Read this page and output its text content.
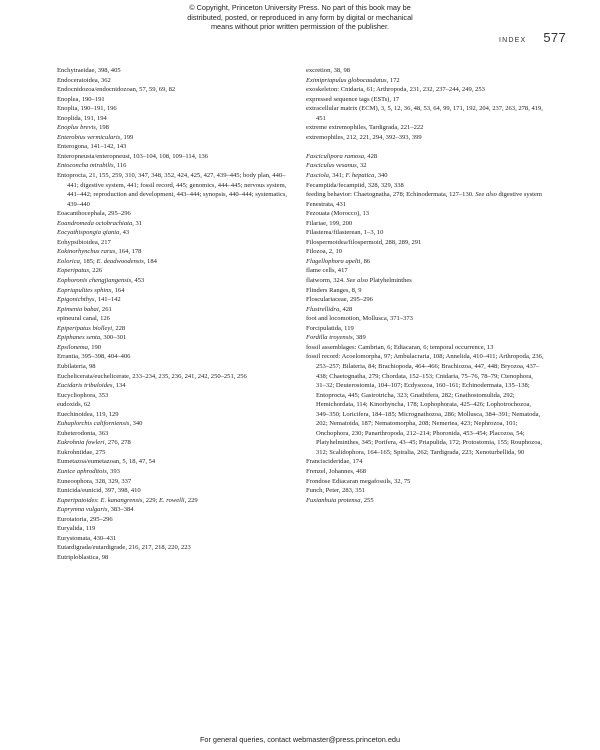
© Copyright, Princeton University Press. No part of this book may be
distributed, posted, or reproduced in any form by digital or mechanical
means without prior written permission of the publisher.
INDEX 577
Enchytraeidae, 398, 405
Endoceratoidea, 362
Endocnidozoa/endocnidozoan, 57, 59, 69, 82
Enoplea, 190–191
Enoplia, 190–191, 196
Enoplida, 191, 194
Enoplus brevis, 198
Enterobius vermicularis, 199
Enterogona, 141–142, 143
Enteropneusta/enteropneust, 103–104, 108, 109–114, 136
Entoconcha mirabilis, 116
Entoprocta, 21, 155, 259, 310, 347, 348, 352, 424, 425, 427, 439–445; body plan, 440–441; digestive system, 441; fossil record, 445; genomics, 444–445; nervous system, 441–442; reproduction and development, 443–444; synopsis, 440–444; systematics, 439–440
Eoacanthocephala, 295–296
Eoandromeda octobrachiata, 31
Eocyathispongia qiania, 43
Eohypsibioidea, 217
Eokinorhynchus rarus, 164, 178
Eolorica, 185; E. deadwoodensis, 184
Eoperipatus, 226
Eophoronis chengjiangensis, 453
Eopriapulites sphinx, 164
Epigonichthys, 141–142
Epimenia babai, 261
epineural canal, 126
Epiperipatus biolleyi, 228
Epiphanes senta, 300–301
Epsilonema, 190
Errantia, 395–398, 404–406
Eubilateria, 98
Euchelicerata/euchelicerate, 233–234, 235, 236, 241, 242, 250–251, 256
Eucidaris tribuloides, 134
Eucycliophora, 353
eudoxids, 62
Euechinoidea, 119, 129
Euhaplorchis californiensis, 340
Euheterodonta, 363
Eukrohnia fowleri, 276, 278
Eukrohniidae, 275
Eumetazoa/eumetazoan, 5, 18, 47, 54
Eunice aphroditois, 393
Euneoophora, 328, 329, 337
Eunicida/eunicid, 397, 398, 410
Euperipatoides: E. kanangrensis, 229; E. rowelli, 229
Euprymna vulgaris, 383–384
Eurotatoria, 295–296
Euryalida, 119
Eurystomata, 430–431
Eutardigrada/eutardigrade, 216, 217, 218, 220, 223
Eutriploblastica, 98
excretion, 38, 98
Eximipriapulus globocaudatus, 172
exoskeleton: Cnidaria, 61; Arthropoda, 231, 232, 237–244, 249, 253
expressed sequence tags (ESTs), 17
extracellular matrix (ECM), 3, 5, 12, 36, 48, 53, 64, 99, 171, 192, 204, 237, 263, 278, 419, 451
extreme extremophiles, Tardigrada, 221–222
extremophiles, 212, 221, 294, 392–393, 399
Fasciculipora ramosa, 428
Fasciculus vesanus, 32
Fasciola, 341; F. hepatica, 340
Fecampiida/fecampiid, 328, 329, 338
feeding behavior: Chaetognatha, 278; Echinodermata, 127–130. See also digestive system
Fenestrata, 431
Fezouata (Morocco), 13
Filariae, 199, 200
Filasterea/filasterean, 1–3, 10
Filospermoidea/filospermoid, 288, 289, 291
Filozoa, 2, 10
Flagellophora apelti, 86
flame cells, 417
flatworm, 324. See also Platyhelminthes
Flinders Ranges, 8, 9
Flosculariaceae, 295–296
Flustrellidra, 428
foot and locomotion, Mollusca, 371–373
Forcipulatida, 119
Fordilla troyensis, 389
fossil assemblages: Cambrian, 6; Ediacaran, 6; temporal occurrence, 13
fossil record: Acoelomorpha, 97; Ambulacraria, 108; Annelida, 410–411; Arthropoda, 236, 253–257; Bilateria, 84; Brachiopoda, 464–466; Brachiozoa, 447, 448; Bryozoa, 437–438; Chaetognatha, 279; Chordata, 152–153; Cnidaria, 75–76, 78–79; Ctenophora, 31–32; Deuterostomia, 104–107; Ecdysozoa, 160–161; Echinodermata, 135–138; Entoprocta, 445; Gastrotricha, 323; Gnathifera, 282; Gnathostomulida, 292; Hemichordata, 114; Kinorhyncha, 178; Lophophorata, 425–426; Lophotrochozoa, 349–350; Loricifera, 184–185; Micrognathozoa, 286; Mollusca, 384–391; Nematoda, 202; Nematoida, 187; Nematomorpha, 208; Nemertea, 423; Nephrozoa, 101; Onchophora, 230; Panarthropoda, 212–214; Phoronida, 453–454; Placozoa, 54; Platyhelminthes, 345; Porifera, 43–45; Priapulida, 172; Protostomia, 155; Rouphozoa, 312; Scalidophora, 164–165; Spiralia, 262; Tardigrada, 223; Xenoturbellida, 90
Franciscideridae, 174
Frenzel, Johannes, 468
Frondose Ediacaran megafossils, 32, 75
Funch, Peter, 283, 351
Fuxianhuia protensa, 255
For general queries, contact webmaster@press.princeton.edu
